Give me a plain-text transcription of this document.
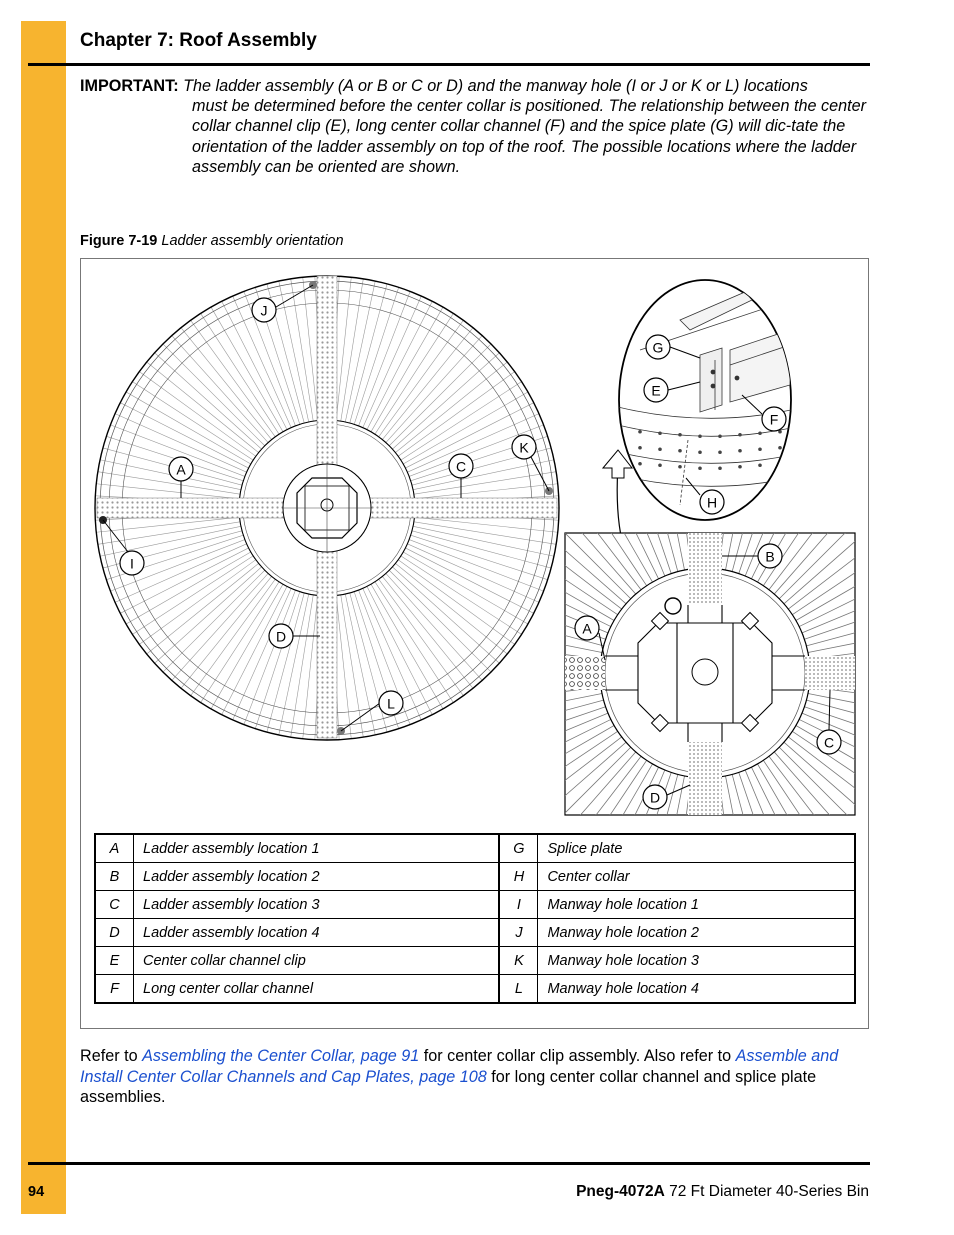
Chapter 7: Roof Assembly
IMPORTANT: The ladder assembly (A or B or C or D) and the manway hole (I or J or K or L) locations
must be determined before the center collar is positioned. The relationship between the center collar channel clip (E), long center collar channel (F) and the spice plate (G) will dic-tate the orientation of the ladder assembly on top of the roof. The possible locations where the ladder assembly can be oriented are shown.
Figure 7-19 Ladder assembly orientation
J
A	C
K
I
D
L
G
E
F
H
B
A
C
D
A	Ladder assembly location 1	G	Splice plate
B	Ladder assembly location 2	H	Center collar
C	Ladder assembly location 3	I	Manway hole location 1
D	Ladder assembly location 4	J	Manway hole location 2
E	Center collar channel clip	K	Manway hole location 3
F	Long center collar channel	L	Manway hole location 4
Refer to Assembling the Center Collar, page 91 for center collar clip assembly. Also refer to Assemble and Install Center Collar Channels and Cap Plates, page 108 for long center collar channel and splice plate assemblies.
94	Pneg-4072A 72 Ft Diameter 40-Series Bin
